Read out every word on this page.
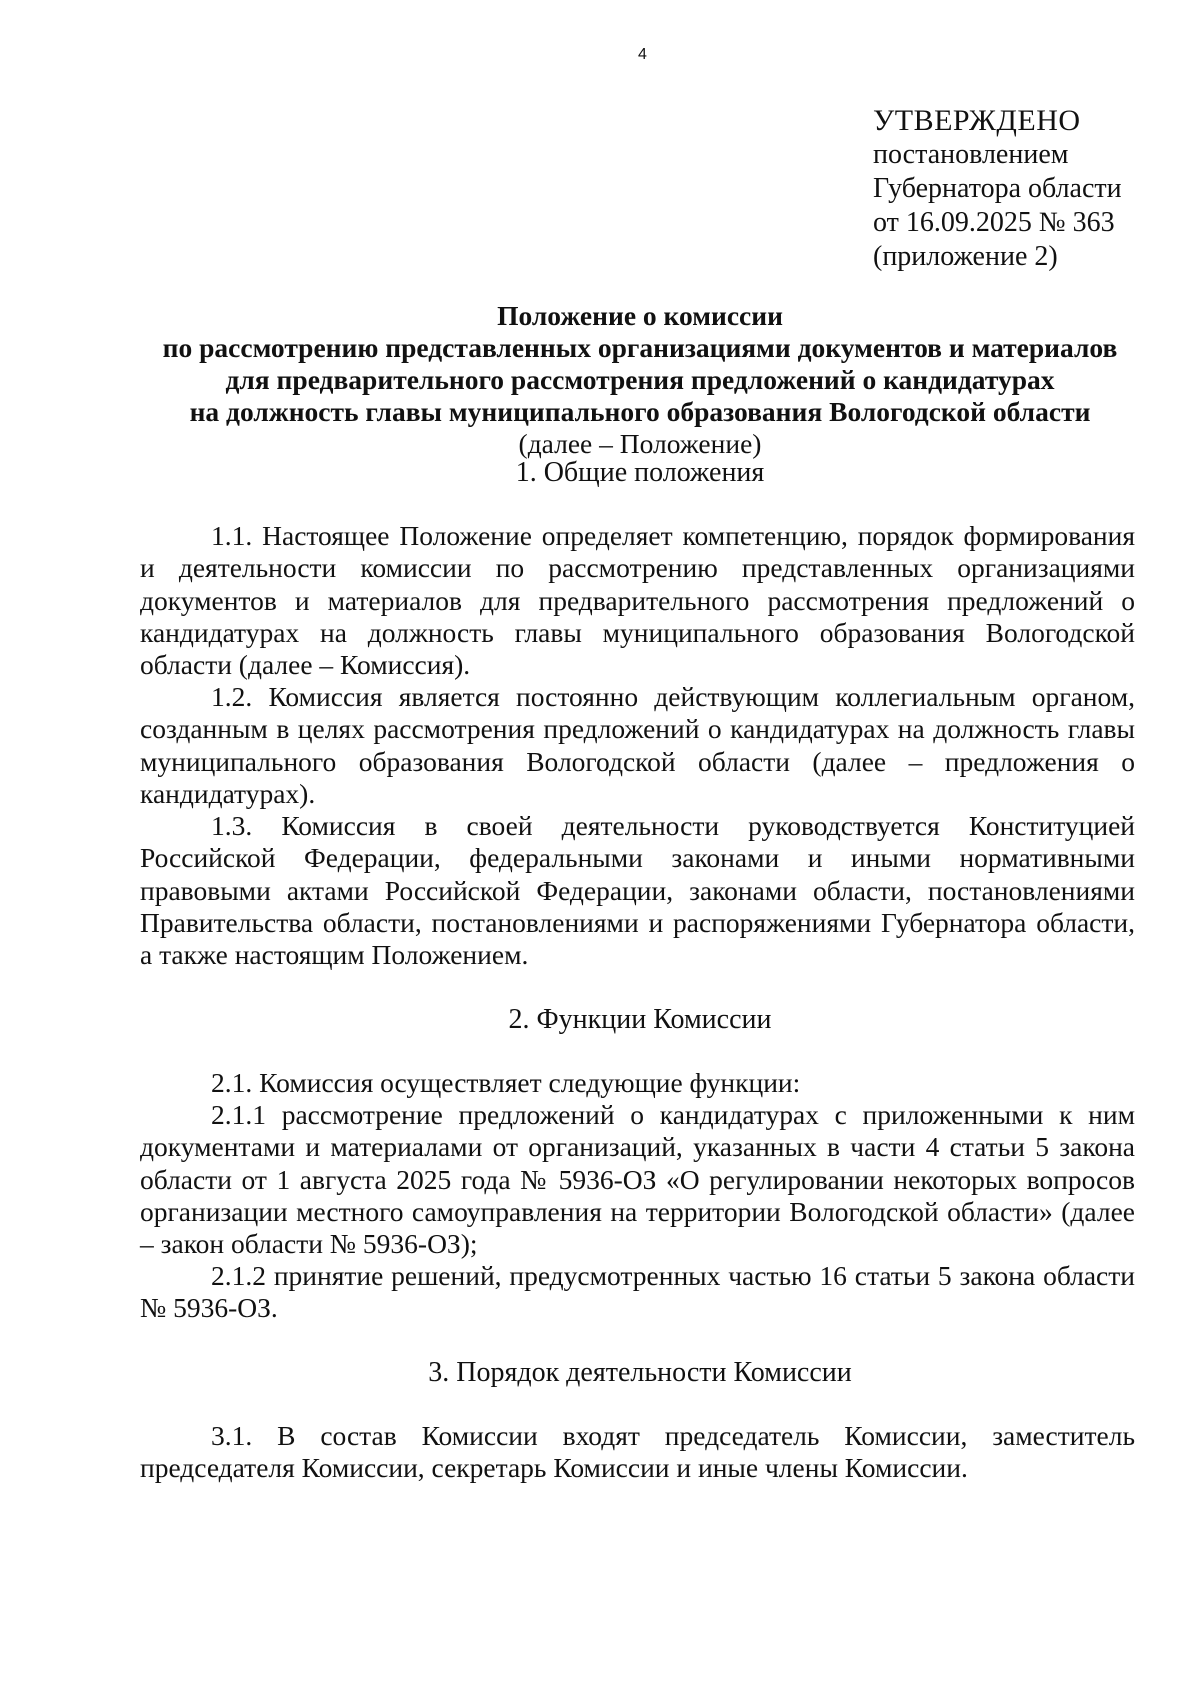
4
УТВЕРЖДЕНО
постановлением
Губернатора области
от 16.09.2025 № 363
(приложение 2)
Положение о комиссии
по рассмотрению представленных организациями документов и материалов
для предварительного рассмотрения предложений о кандидатурах
на должность главы муниципального образования Вологодской области
(далее – Положение)
1. Общие положения

1.1. Настоящее Положение определяет компетенцию, порядок формирования и деятельности комиссии по рассмотрению представленных организациями документов и материалов для предварительного рассмотрения предложений о кандидатурах на должность главы муниципального образования Вологодской области (далее – Комиссия).

1.2. Комиссия является постоянно действующим коллегиальным органом, созданным в целях рассмотрения предложений о кандидатурах на должность главы муниципального образования Вологодской области (далее – предложения о кандидатурах).

1.3. Комиссия в своей деятельности руководствуется Конституцией Российской Федерации, федеральными законами и иными нормативными правовыми актами Российской Федерации, законами области, постановлениями Правительства области, постановлениями и распоряжениями Губернатора области, а также настоящим Положением.

2. Функции Комиссии

2.1. Комиссия осуществляет следующие функции:

2.1.1 рассмотрение предложений о кандидатурах с приложенными к ним документами и материалами от организаций, указанных в части 4 статьи 5 закона области от 1 августа 2025 года № 5936-ОЗ «О регулировании некоторых вопросов организации местного самоуправления на территории Вологодской области» (далее – закон области № 5936-ОЗ);

2.1.2 принятие решений, предусмотренных частью 16 статьи 5 закона области № 5936-ОЗ.

3. Порядок деятельности Комиссии

3.1. В состав Комиссии входят председатель Комиссии, заместитель председателя Комиссии, секретарь Комиссии и иные члены Комиссии.
